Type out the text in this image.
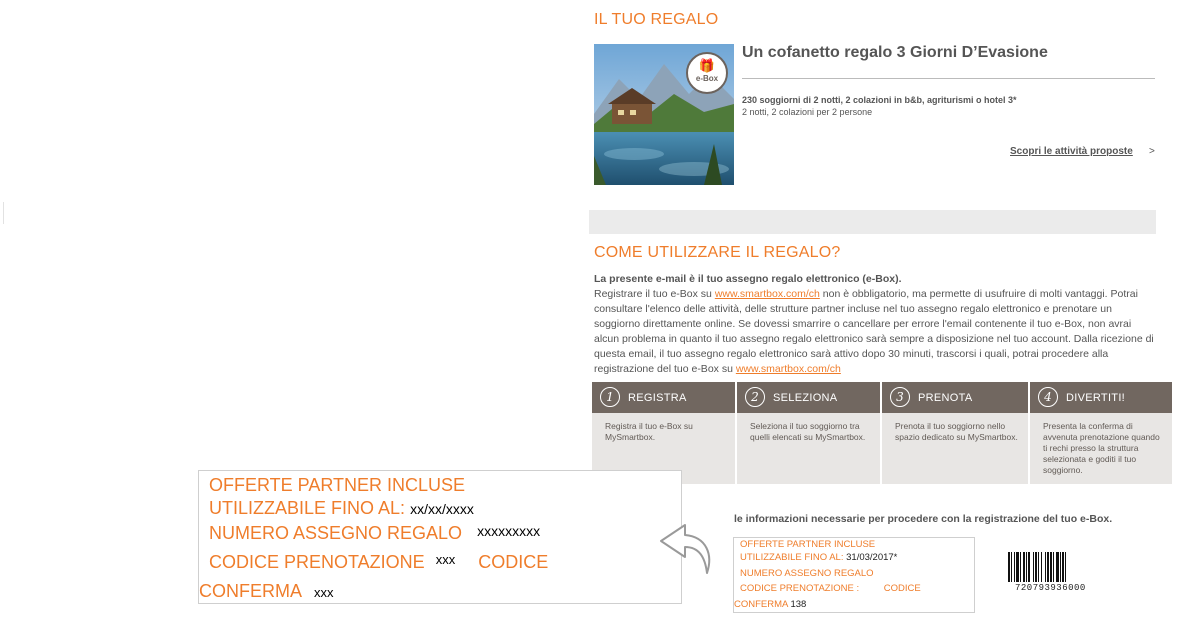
IL TUO REGALO
🎁
e-Box
Un cofanetto regalo 3 Giorni D’Evasione
230 soggiorni di 2 notti, 2 colazioni in b&b, agriturismi o hotel 3*
2 notti, 2 colazioni per 2 persone
Scopri le attività proposte >
COME UTILIZZARE IL REGALO?
La presente e-mail è il tuo assegno regalo elettronico (e-Box).
Registrare il tuo e-Box su www.smartbox.com/ch non è obbligatorio, ma permette di usufruire di molti vantaggi. Potrai consultare l'elenco delle attività, delle strutture partner incluse nel tuo assegno regalo elettronico e prenotare un soggiorno direttamente online. Se dovessi smarrire o cancellare per errore l'email contenente il tuo e-Box, non avrai alcun problema in quanto il tuo assegno regalo elettronico sarà sempre a disposizione nel tuo account. Dalla ricezione di questa email, il tuo assegno regalo elettronico sarà attivo dopo 30 minuti, trascorsi i quali, potrai procedere alla registrazione del tuo e-Box su www.smartbox.com/ch
1	REGISTRA
Registra il tuo e-Box su MySmartbox.
2	SELEZIONA
Seleziona il tuo soggiorno tra quelli elencati su MySmartbox.
3	PRENOTA
Prenota il tuo soggiorno nello spazio dedicato su MySmartbox.
4	DIVERTITI!
Presenta la conferma di avvenuta prenotazione quando ti rechi presso la struttura selezionata e goditi il tuo soggiorno.
OFFERTE PARTNER INCLUSE
UTILIZZABILE FINO AL: xx/xx/xxxx
NUMERO ASSEGNO REGALO xxxxxxxxx
CODICE PRENOTAZIONE $^{xxx}$ CODICE
CONFERMA xxx
le informazioni necessarie per procedere con la registrazione del tuo e-Box.
OFFERTE PARTNER INCLUSE
UTILIZZABILE FINO AL: 31/03/2017*
NUMERO ASSEGNO REGALO
CODICE PRENOTAZIONE :	CODICE
CONFERMA 138
720793936000
